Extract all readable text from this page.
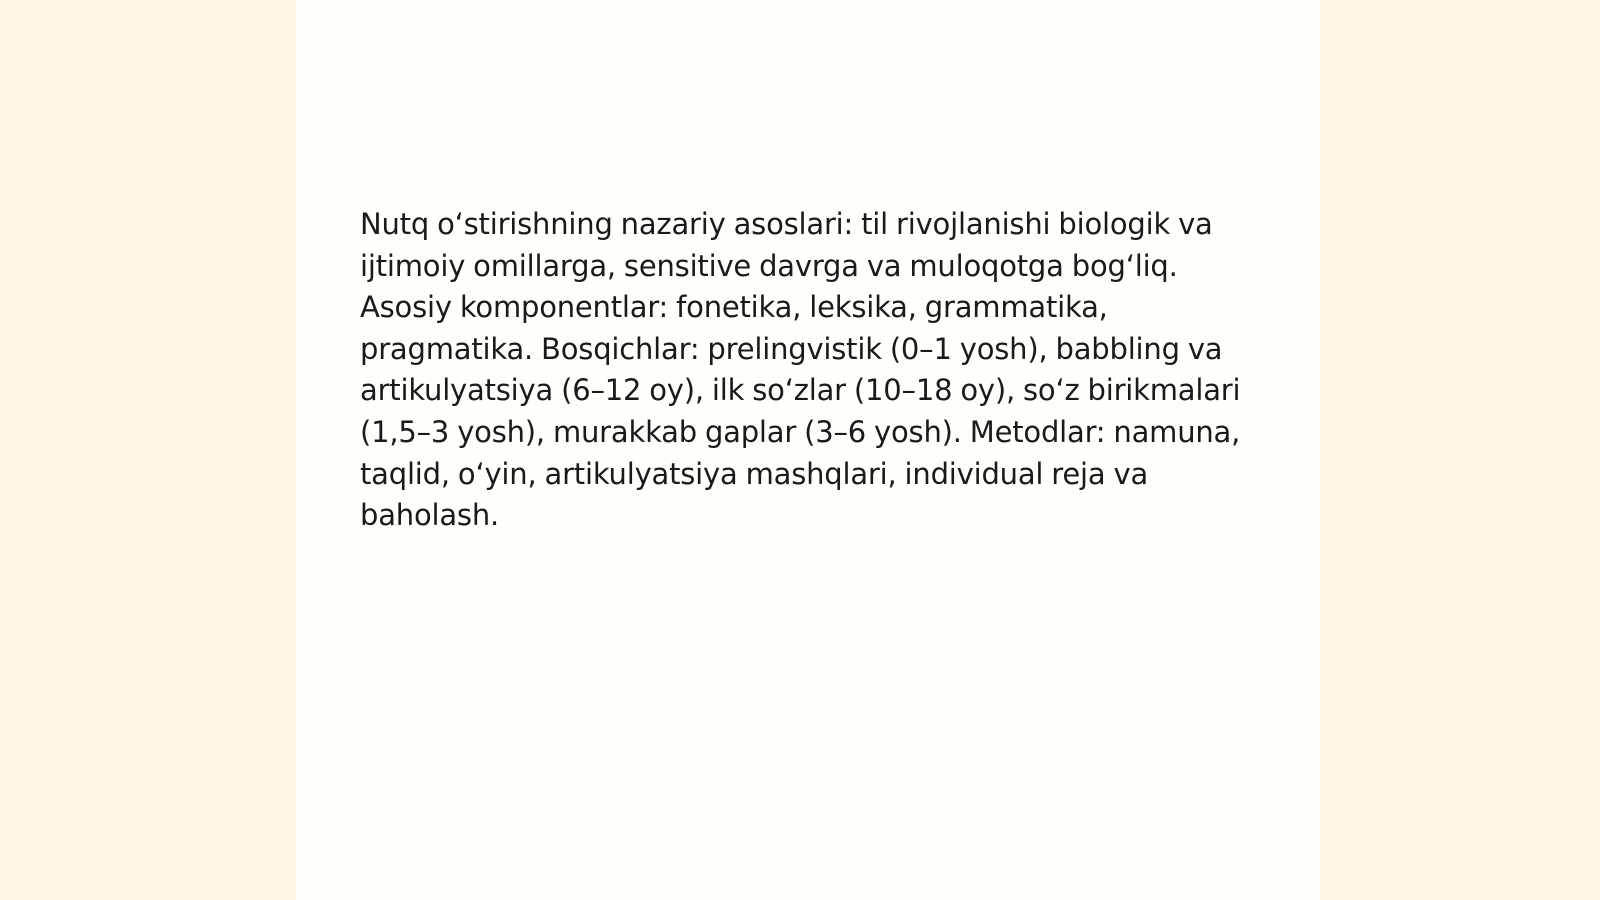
Nutq o‘stirishning nazariy asoslari: til rivojlanishi biologik va ijtimoiy omillarga, sensitive davrga va muloqotga bog‘liq. Asosiy komponentlar: fonetika, leksika, grammatika, pragmatika. Bosqichlar: prelingvistik (0–1 yosh), babbling va artikulyatsiya (6–12 oy), ilk so‘zlar (10–18 oy), so‘z birikmalari (1,5–3 yosh), murakkab gaplar (3–6 yosh). Metodlar: namuna, taqlid, o‘yin, artikulyatsiya mashqlari, individual reja va baholash.
